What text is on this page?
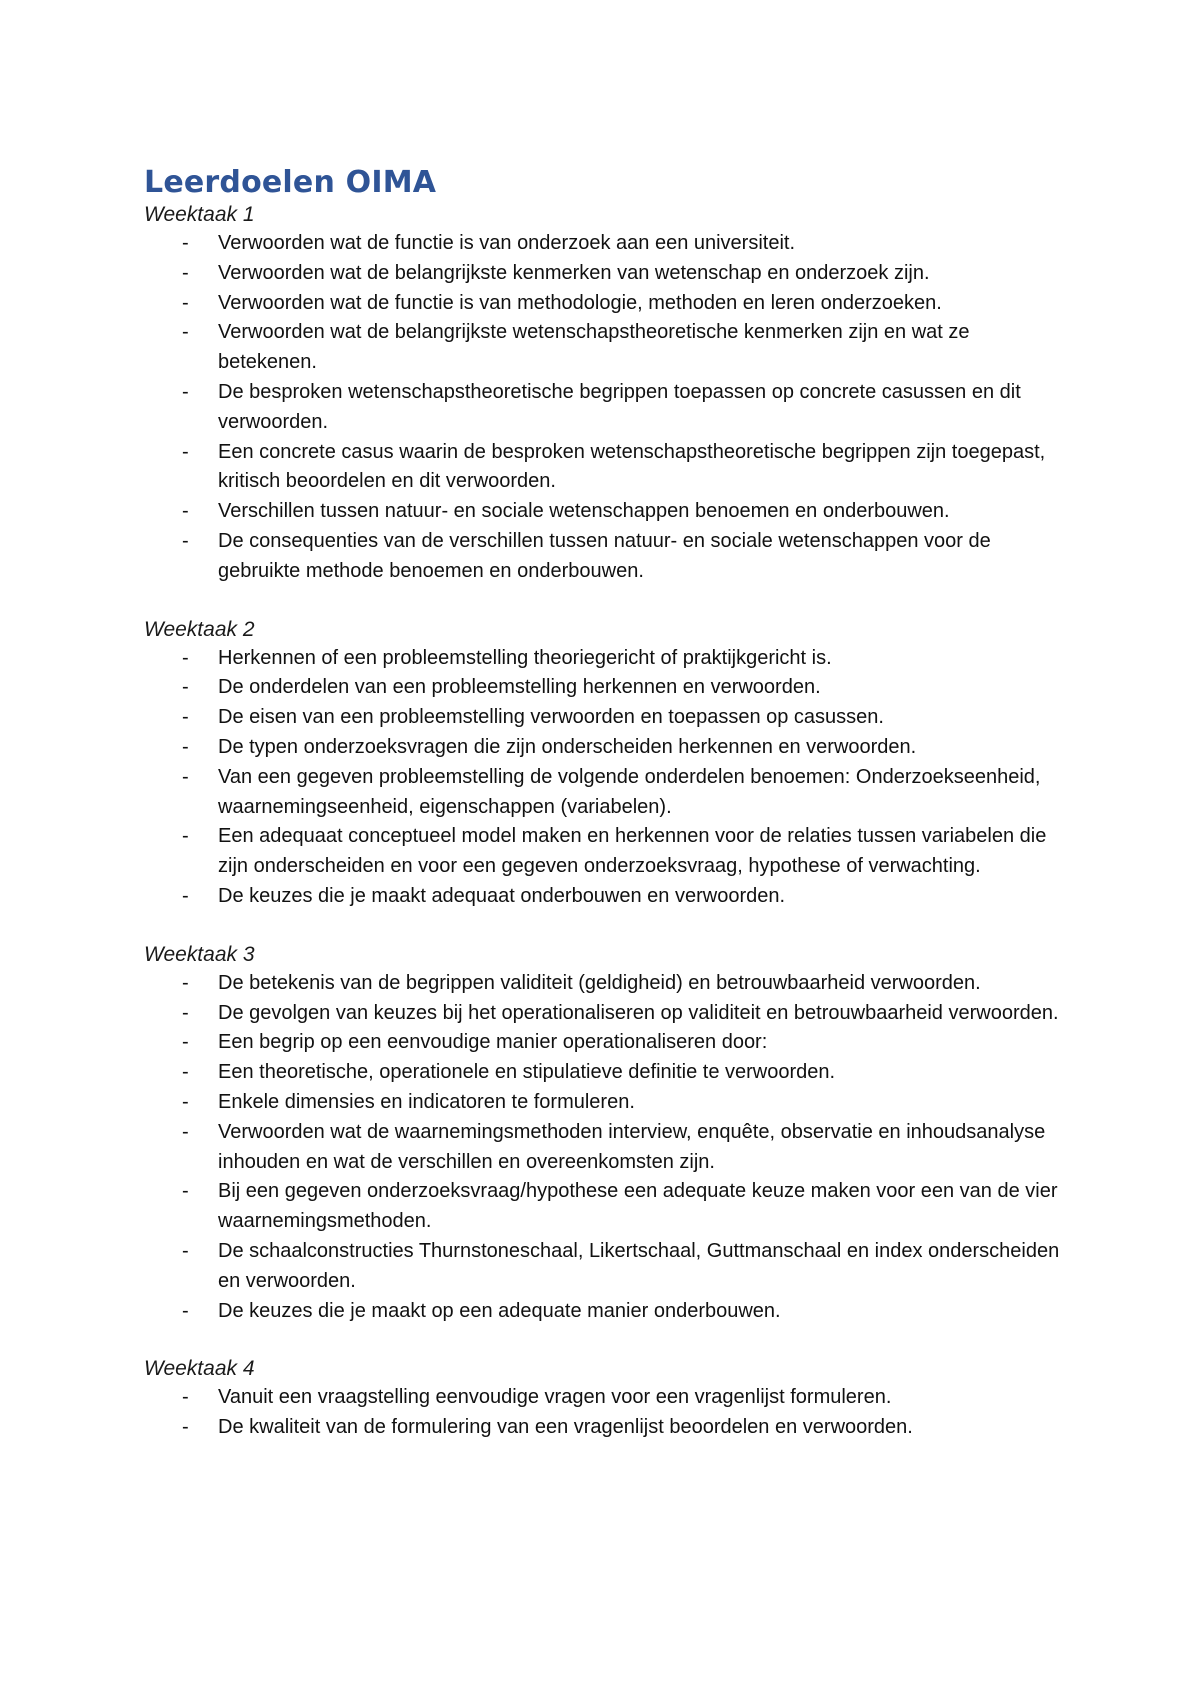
Leerdoelen OIMA
Weektaak 1
- Verwoorden wat de functie is van onderzoek aan een universiteit.
- Verwoorden wat de belangrijkste kenmerken van wetenschap en onderzoek zijn.
- Verwoorden wat de functie is van methodologie, methoden en leren onderzoeken.
- Verwoorden wat de belangrijkste wetenschapstheoretische kenmerken zijn en wat ze betekenen.
- De besproken wetenschapstheoretische begrippen toepassen op concrete casussen en dit verwoorden.
- Een concrete casus waarin de besproken wetenschapstheoretische begrippen zijn toegepast, kritisch beoordelen en dit verwoorden.
- Verschillen tussen natuur- en sociale wetenschappen benoemen en onderbouwen.
- De consequenties van de verschillen tussen natuur- en sociale wetenschappen voor de gebruikte methode benoemen en onderbouwen.
Weektaak 2
- Herkennen of een probleemstelling theoriegericht of praktijkgericht is.
- De onderdelen van een probleemstelling herkennen en verwoorden.
- De eisen van een probleemstelling verwoorden en toepassen op casussen.
- De typen onderzoeksvragen die zijn onderscheiden herkennen en verwoorden.
- Van een gegeven probleemstelling de volgende onderdelen benoemen: Onderzoekseenheid, waarnemingseenheid, eigenschappen (variabelen).
- Een adequaat conceptueel model maken en herkennen voor de relaties tussen variabelen die zijn onderscheiden en voor een gegeven onderzoeksvraag, hypothese of verwachting.
- De keuzes die je maakt adequaat onderbouwen en verwoorden.
Weektaak 3
- De betekenis van de begrippen validiteit (geldigheid) en betrouwbaarheid verwoorden.
- De gevolgen van keuzes bij het operationaliseren op validiteit en betrouwbaarheid verwoorden.
- Een begrip op een eenvoudige manier operationaliseren door:
- Een theoretische, operationele en stipulatieve definitie te verwoorden.
- Enkele dimensies en indicatoren te formuleren.
- Verwoorden wat de waarnemingsmethoden interview, enquête, observatie en inhoudsanalyse inhouden en wat de verschillen en overeenkomsten zijn.
- Bij een gegeven onderzoeksvraag/hypothese een adequate keuze maken voor een van de vier waarnemingsmethoden.
- De schaalconstructies Thurnstoneschaal, Likertschaal, Guttmanschaal en index onderscheiden en verwoorden.
- De keuzes die je maakt op een adequate manier onderbouwen.
Weektaak 4
- Vanuit een vraagstelling eenvoudige vragen voor een vragenlijst formuleren.
- De kwaliteit van de formulering van een vragenlijst beoordelen en verwoorden.
